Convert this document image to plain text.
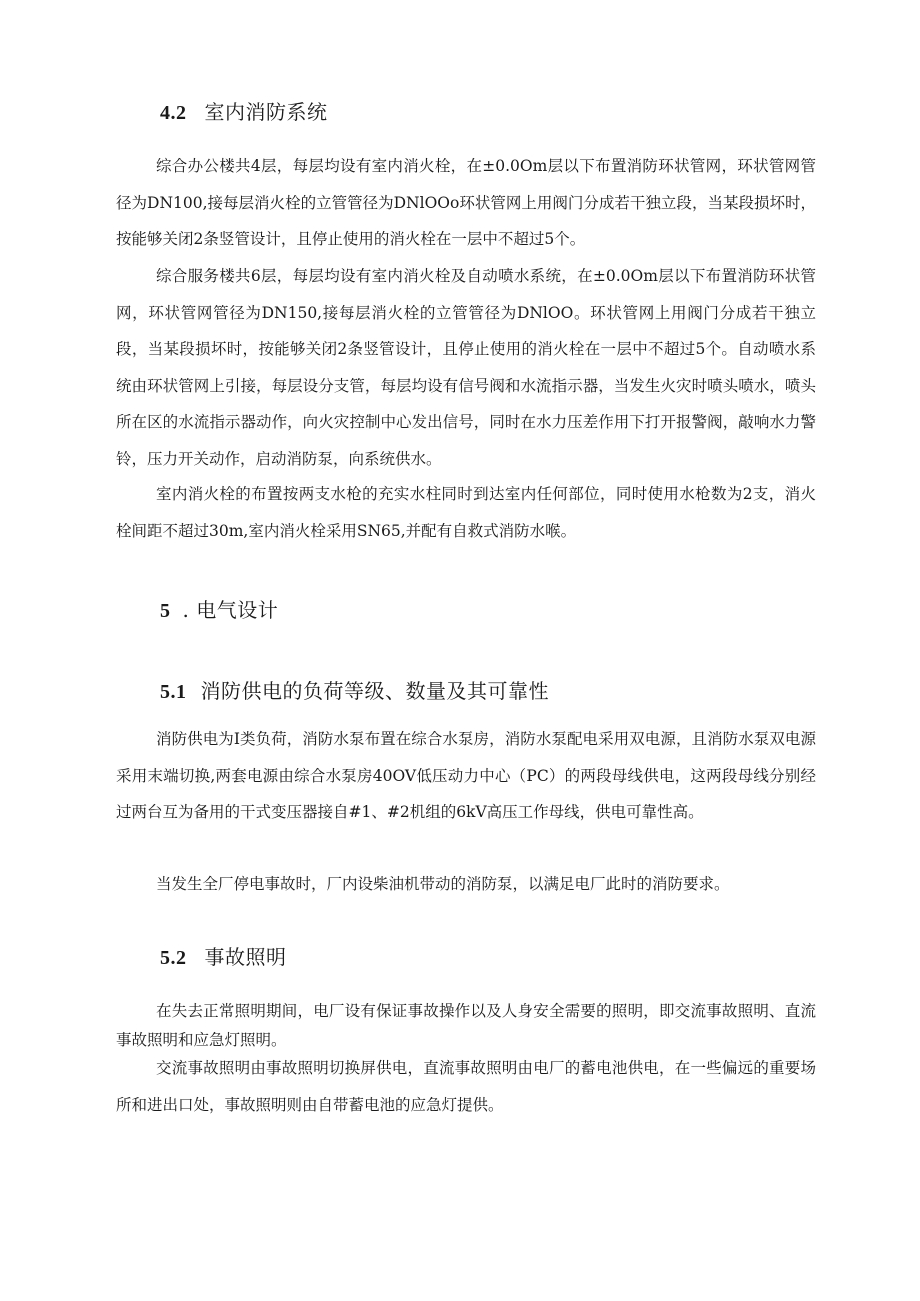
4.2 室内消防系统

综合办公楼共4层，每层均设有室内消火栓，在±0.0Om层以下布置消防环状管网，环状管网管径为DN100,接每层消火栓的立管管径为DNlOOo环状管网上用阀门分成若干独立段，当某段损坏时，按能够关闭2条竖管设计，且停止使用的消火栓在一层中不超过5个。

综合服务楼共6层，每层均设有室内消火栓及自动喷水系统，在±0.0Om层以下布置消防环状管网，环状管网管径为DN150,接每层消火栓的立管管径为DNlOO。环状管网上用阀门分成若干独立段，当某段损坏时，按能够关闭2条竖管设计，且停止使用的消火栓在一层中不超过5个。自动喷水系统由环状管网上引接，每层设分支管，每层均设有信号阀和水流指示器，当发生火灾时喷头喷水，喷头所在区的水流指示器动作，向火灾控制中心发出信号，同时在水力压差作用下打开报警阀，敲响水力警铃，压力开关动作，启动消防泵，向系统供水。

室内消火栓的布置按两支水枪的充实水柱同时到达室内任何部位，同时使用水枪数为2支，消火栓间距不超过30m,室内消火栓采用SN65,并配有自救式消防水喉。

5 . 电气设计
5.1 消防供电的负荷等级、数量及其可靠性

消防供电为I类负荷，消防水泵布置在综合水泵房，消防水泵配电采用双电源，且消防水泵双电源采用末端切换,两套电源由综合水泵房40OV低压动力中心（PC）的两段母线供电，这两段母线分别经过两台互为备用的干式变压器接自#1、#2机组的6kV高压工作母线，供电可靠性高。

当发生全厂停电事故时，厂内设柴油机带动的消防泵，以满足电厂此时的消防要求。

5.2 事故照明

在失去正常照明期间，电厂设有保证事故操作以及人身安全需要的照明，即交流事故照明、直流事故照明和应急灯照明。

交流事故照明由事故照明切换屏供电，直流事故照明由电厂的蓄电池供电，在一些偏远的重要场所和进出口处，事故照明则由自带蓄电池的应急灯提供。
